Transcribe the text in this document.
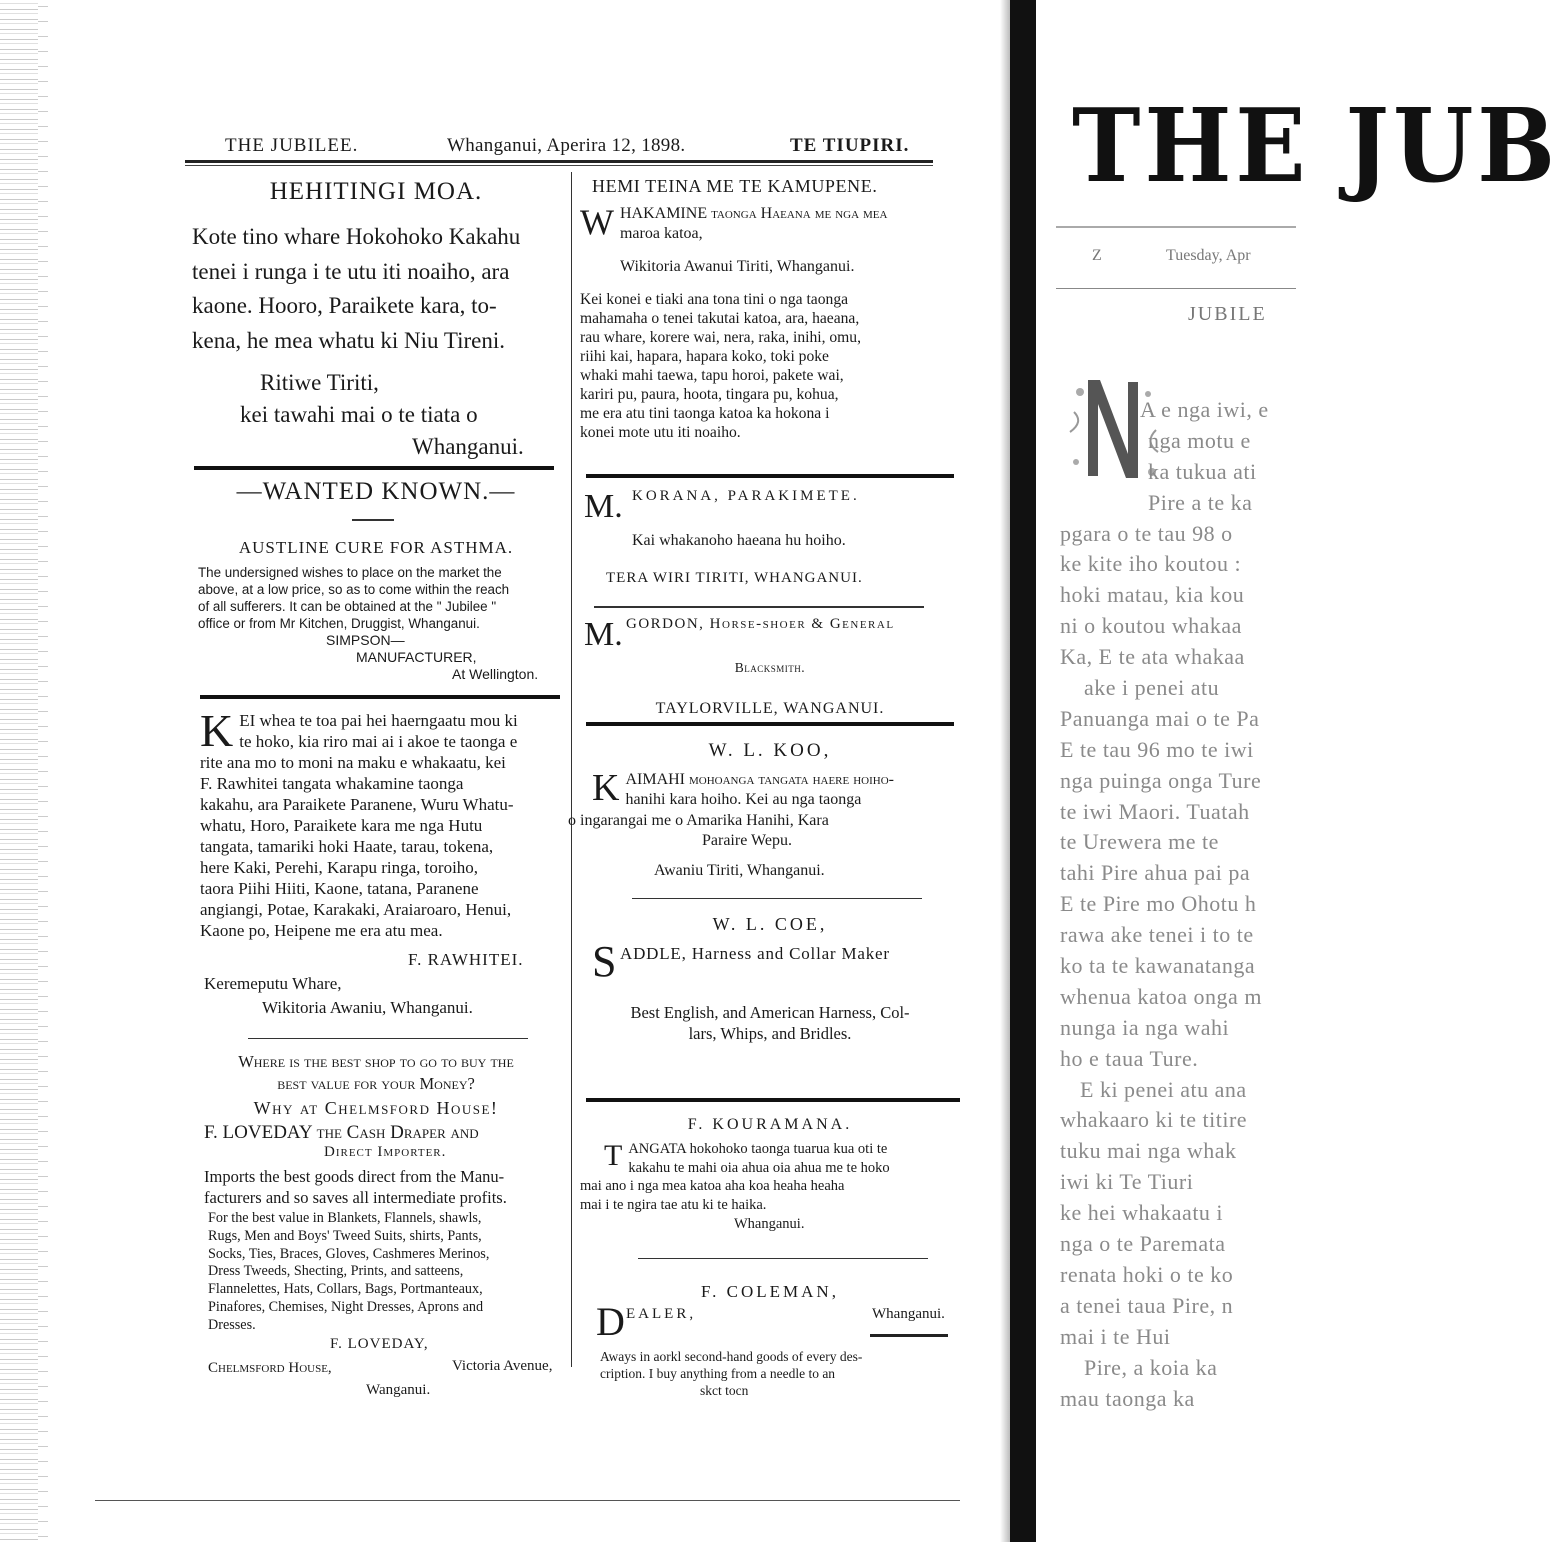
THE JUBILEE.	Whanganui, Aperira 12, 1898.	TE TIUPIRI.
HEHITINGI MOA.
Kote tino whare Hokohoko Kakahu
tenei i runga i te utu iti noaiho, ara
kaone. Hooro, Paraikete kara, to-
kena, he mea whatu ki Niu Tireni.
Ritiwe Tiriti,
kei tawahi mai o te tiata o
Whanganui.
—WANTED KNOWN.—
AUSTLINE CURE FOR ASTHMA.
The undersigned wishes to place on the market the
above, at a low price, so as to come within the reach
of all sufferers. It can be obtained at the " Jubilee "
office or from Mr Kitchen, Druggist, Whanganui.
SIMPSON—
MANUFACTURER,
At Wellington.
K EI whea te toa pai hei haerngaatu mou ki
te hoko, kia riro mai ai i akoe te taonga e
rite ana mo to moni na maku e whakaatu, kei
F. Rawhitei tangata whakamine taonga
kakahu, ara Paraikete Paranene, Wuru Whatu-
whatu, Horo, Paraikete kara me nga Hutu
tangata, tamariki hoki Haate, tarau, tokena,
here Kaki, Perehi, Karapu ringa, toroiho,
taora Piihi Hiiti, Kaone, tatana, Paranene
angiangi, Potae, Karakaki, Araiaroaro, Henui,
Kaone po, Heipene me era atu mea.
F. RAWHITEI.
Keremeputu Whare,
Wikitoria Awaniu, Whanganui.
Where is the best shop to go to buy the
best value for your Money?
Why at Chelmsford House!
F. LOVEDAY the Cash Draper and
Direct Importer.
Imports the best goods direct from the Manu-
facturers and so saves all intermediate profits.
For the best value in Blankets, Flannels, shawls,
Rugs, Men and Boys' Tweed Suits, shirts, Pants,
Socks, Ties, Braces, Gloves, Cashmeres Merinos,
Dress Tweeds, Shecting, Prints, and satteens,
Flannelettes, Hats, Collars, Bags, Portmanteaux,
Pinafores, Chemises, Night Dresses, Aprons and
Dresses.
F. LOVEDAY,
Chelmsford House,	Victoria Avenue,
Wanganui.
HEMI TEINA ME TE KAMUPENE.
W HAKAMINE taonga Haeana me nga mea
maroa katoa,
Wikitoria Awanui Tiriti, Whanganui.
Kei konei e tiaki ana tona tini o nga taonga
mahamaha o tenei takutai katoa, ara, haeana,
rau whare, korere wai, nera, raka, inihi, omu,
riihi kai, hapara, hapara koko, toki poke
whaki mahi taewa, tapu horoi, pakete wai,
kariri pu, paura, hoota, tingara pu, kohua,
me era atu tini taonga katoa ka hokona i
konei mote utu iti noaiho.
M. KORANA, PARAKIMETE.
Kai whakanoho haeana hu hoiho.
TERA WIRI TIRITI, WHANGANUI.
M. GORDON, Horse-shoer & General
Blacksmith.
TAYLORVILLE, WANGANUI.
W. L. KOO,
K AIMAHI mohoanga tangata haere hoiho-
hanihi kara hoiho. Kei au nga taonga
o ingarangai me o Amarika Hanihi, Kara
Paraire Wepu.
Awaniu Tiriti, Whanganui.
W. L. COE,
S ADDLE, Harness and Collar Maker
Best English, and American Harness, Col-
lars, Whips, and Bridles.
F. KOURAMANA.
T ANGATA hokohoko taonga tuarua kua oti te
kakahu te mahi oia ahua oia ahua me te hoko
mai ano i nga mea katoa aha koa heaha heaha
mai i te ngira tae atu ki te haika.
Whanganui.
F. COLEMAN,
D EALER,	Whanganui.
Aways in aorkl second-hand goods of every des-
cription. I buy anything from a needle to an
skct tocn
THE JUB
Z	Tuesday, Apr
JUBILE
A e nga iwi, e
nga motu e
ka tukua ati
Pire a te ka
pgara o te tau 98 o
ke kite iho koutou :
hoki matau, kia kou
ni o koutou whakaa
Ka, E te ata whakaa
ake i penei atu
Panuanga mai o te Pa
E te tau 96 mo te iwi
nga puinga onga Ture
te iwi Maori. Tuatah
te Urewera me te
tahi Pire ahua pai pa
E te Pire mo Ohotu h
rawa ake tenei i to te
ko ta te kawanatanga
whenua katoa onga m
nunga ia nga wahi
ho e taua Ture.
E ki penei atu ana
whakaaro ki te titire
tuku mai nga whak
iwi ki Te Tiuri
ke hei whakaatu i
nga o te Paremata
renata hoki o te ko
a tenei taua Pire, n
mai i te Hui
Pire, a koia ka
mau taonga ka
